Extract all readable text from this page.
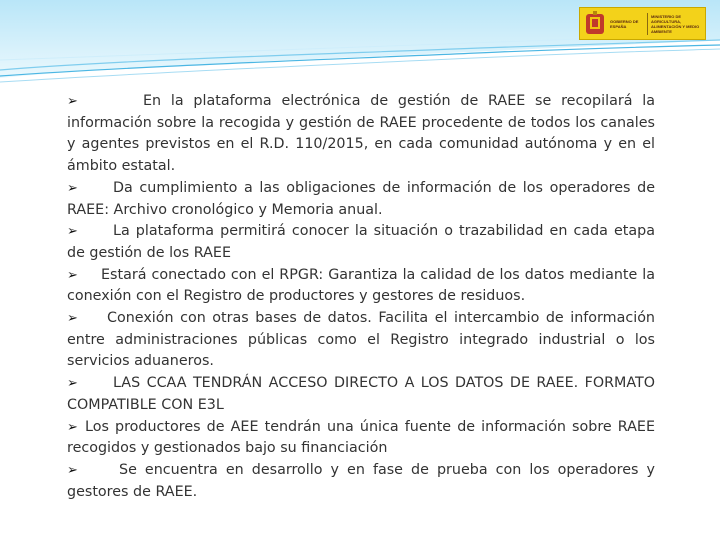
GOBIERNO DE ESPAÑA
MINISTERIO DE AGRICULTURA, ALIMENTACIÓN Y MEDIO AMBIENTE
➢	En la plataforma electrónica de gestión de RAEE se recopilará la información sobre la recogida y gestión de RAEE procedente de todos los canales y agentes previstos en el R.D. 110/2015, en cada comunidad autónoma y en el ámbito estatal.
➢ Da cumplimiento a las obligaciones de información de los operadores de RAEE: Archivo cronológico y Memoria anual.
➢ La plataforma permitirá conocer la situación o trazabilidad en cada etapa de gestión de los RAEE
➢ Estará conectado con el RPGR: Garantiza la calidad de los datos mediante la conexión con el Registro de productores y gestores de residuos.
➢ Conexión con otras bases de datos. Facilita el intercambio de información entre administraciones públicas como el Registro integrado industrial o los servicios aduaneros.
➢ LAS CCAA TENDRÁN ACCESO DIRECTO A LOS DATOS DE RAEE. FORMATO COMPATIBLE CON E3L
➢ Los productores de AEE tendrán una única fuente de información sobre RAEE recogidos y gestionados bajo su financiación
➢	Se encuentra en desarrollo y en fase de prueba con los operadores y gestores de RAEE.
